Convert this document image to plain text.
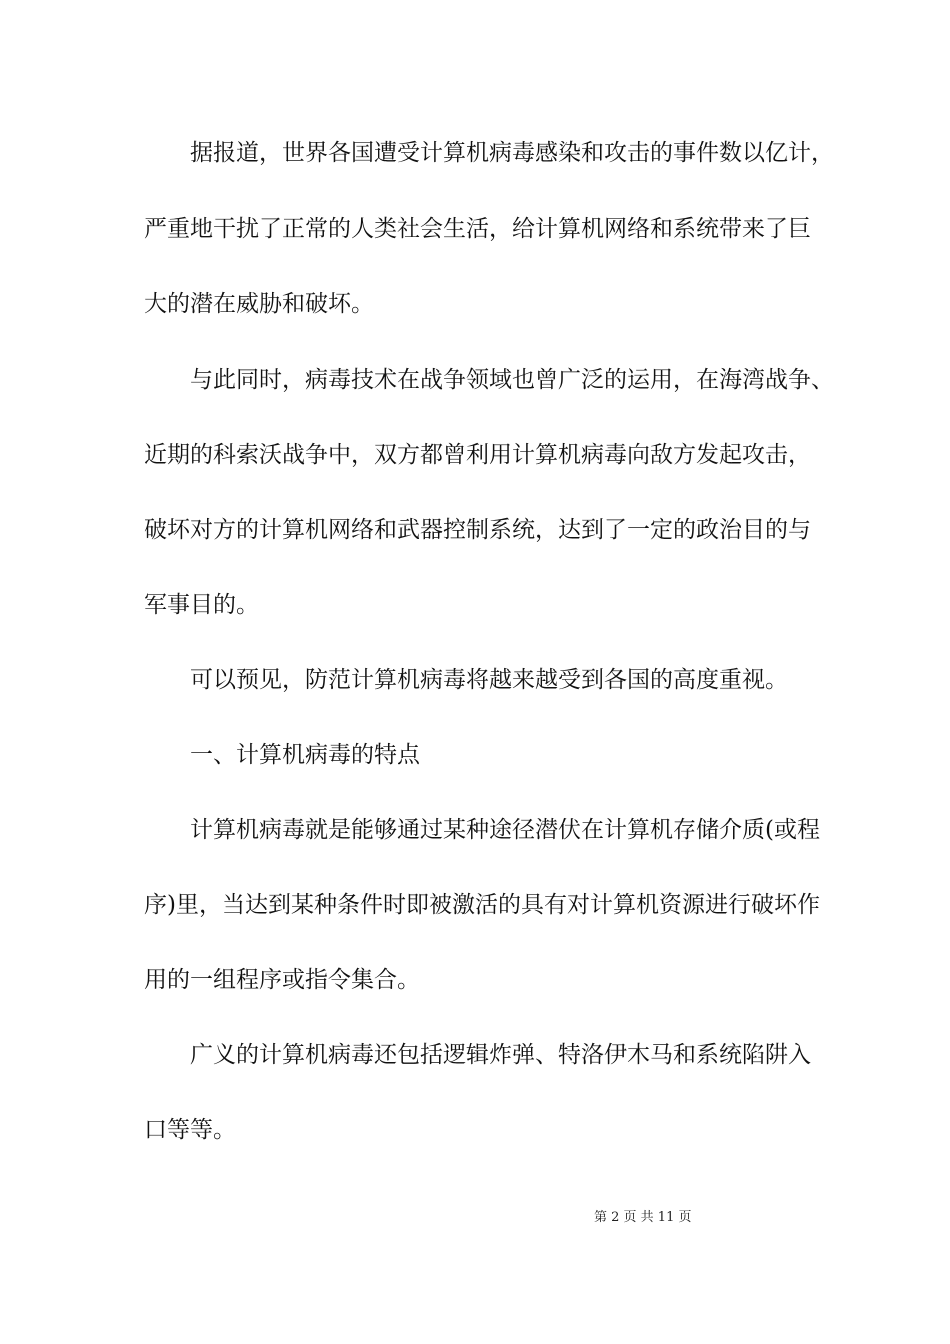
据报道，世界各国遭受计算机病毒感染和攻击的事件数以亿计，
严重地干扰了正常的人类社会生活，给计算机网络和系统带来了巨
大的潜在威胁和破坏。
与此同时，病毒技术在战争领域也曾广泛的运用，在海湾战争、
近期的科索沃战争中，双方都曾利用计算机病毒向敌方发起攻击，
破坏对方的计算机网络和武器控制系统，达到了一定的政治目的与
军事目的。
可以预见，防范计算机病毒将越来越受到各国的高度重视。
一、计算机病毒的特点
计算机病毒就是能够通过某种途径潜伏在计算机存储介质(或程
序)里，当达到某种条件时即被激活的具有对计算机资源进行破坏作
用的一组程序或指令集合。
广义的计算机病毒还包括逻辑炸弹、特洛伊木马和系统陷阱入
口等等。
第 2 页 共 11 页
